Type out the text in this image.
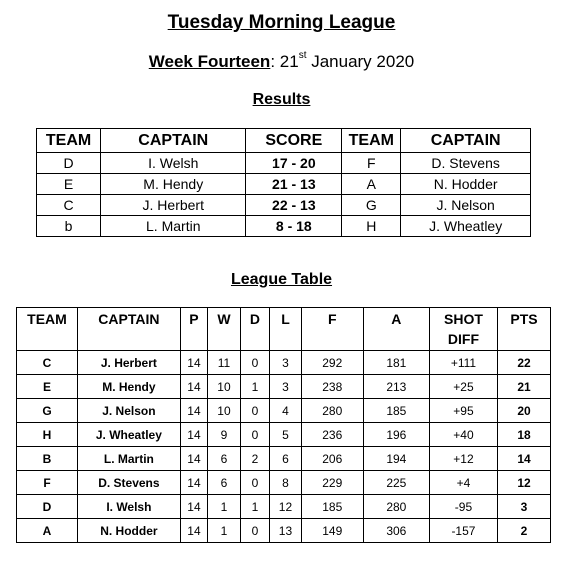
Tuesday Morning League
Week Fourteen: 21st January 2020
Results
TEAM	CAPTAIN	SCORE	TEAM	CAPTAIN
D	I. Welsh	17 - 20	F	D. Stevens
E	M. Hendy	21 - 13	A	N. Hodder
C	J. Herbert	22 - 13	G	J. Nelson
b	L. Martin	8 - 18	H	J. Wheatley
League Table
TEAM	CAPTAIN	P	W	D	L	F	A	SHOT DIFF	PTS
C	J. Herbert	14	11	0	3	292	181	+111	22
E	M. Hendy	14	10	1	3	238	213	+25	21
G	J. Nelson	14	10	0	4	280	185	+95	20
H	J. Wheatley	14	9	0	5	236	196	+40	18
B	L. Martin	14	6	2	6	206	194	+12	14
F	D. Stevens	14	6	0	8	229	225	+4	12
D	I. Welsh	14	1	1	12	185	280	-95	3
A	N. Hodder	14	1	0	13	149	306	-157	2
